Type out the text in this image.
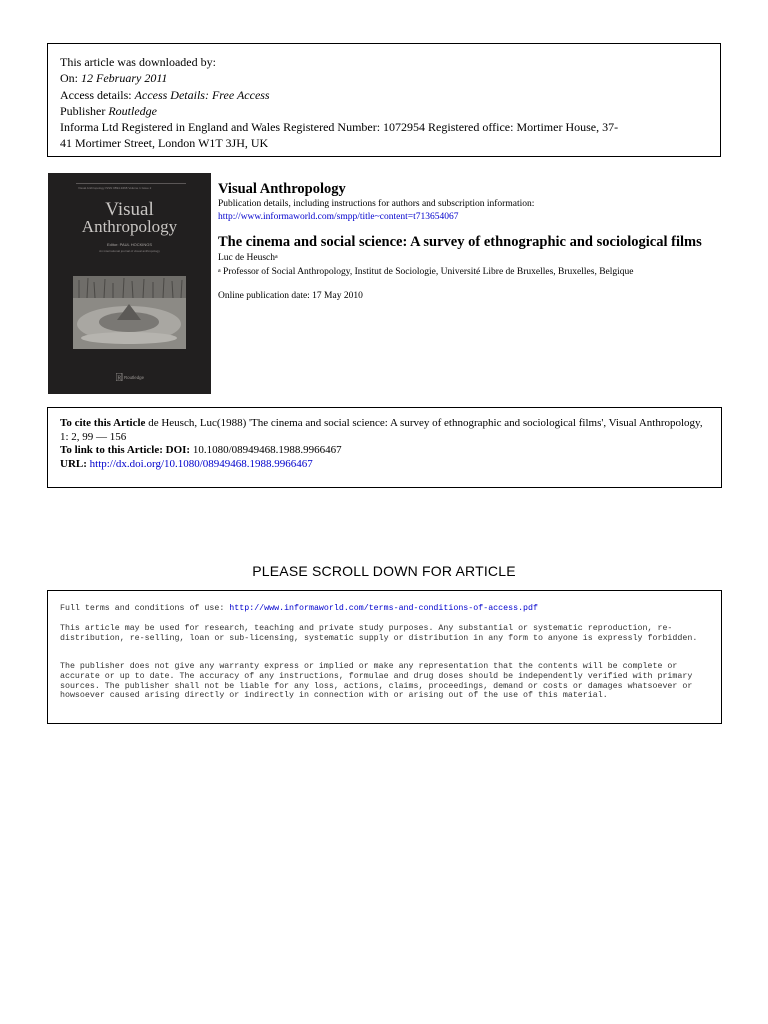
This article was downloaded by:
On: 12 February 2011
Access details: Access Details: Free Access
Publisher Routledge
Informa Ltd Registered in England and Wales Registered Number: 1072954 Registered office: Mortimer House, 37-
41 Mortimer Street, London W1T 3JH, UK
Visual Anthropology ISSN 0894-9468 Volume 1 Issue 2
Visual
Anthropology
Editor: PAUL HOCKINGS
An international journal of visual anthropology
R Routledge
Visual Anthropology
Publication details, including instructions for authors and subscription information:
http://www.informaworld.com/smpp/title~content=t713654067
The cinema and social science: A survey of ethnographic and sociological films
Luc de Heusch$^a$
$^a$ Professor of Social Anthropology, Institut de Sociologie, Université Libre de Bruxelles, Bruxelles, Belgique
Online publication date: 17 May 2010
To cite this Article de Heusch, Luc(1988) 'The cinema and social science: A survey of ethnographic and sociological films', Visual Anthropology, 1: 2, 99 — 156
To link to this Article: DOI: 10.1080/08949468.1988.9966467
URL: http://dx.doi.org/10.1080/08949468.1988.9966467
PLEASE SCROLL DOWN FOR ARTICLE

Full terms and conditions of use: http://www.informaworld.com/terms-and-conditions-of-access.pdf

This article may be used for research, teaching and private study purposes. Any substantial or systematic reproduction, re-distribution, re-selling, loan or sub-licensing, systematic supply or distribution in any form to anyone is expressly forbidden.

The publisher does not give any warranty express or implied or make any representation that the contents will be complete or accurate or up to date. The accuracy of any instructions, formulae and drug doses should be independently verified with primary sources. The publisher shall not be liable for any loss, actions, claims, proceedings, demand or costs or damages whatsoever or howsoever caused arising directly or indirectly in connection with or arising out of the use of this material.
